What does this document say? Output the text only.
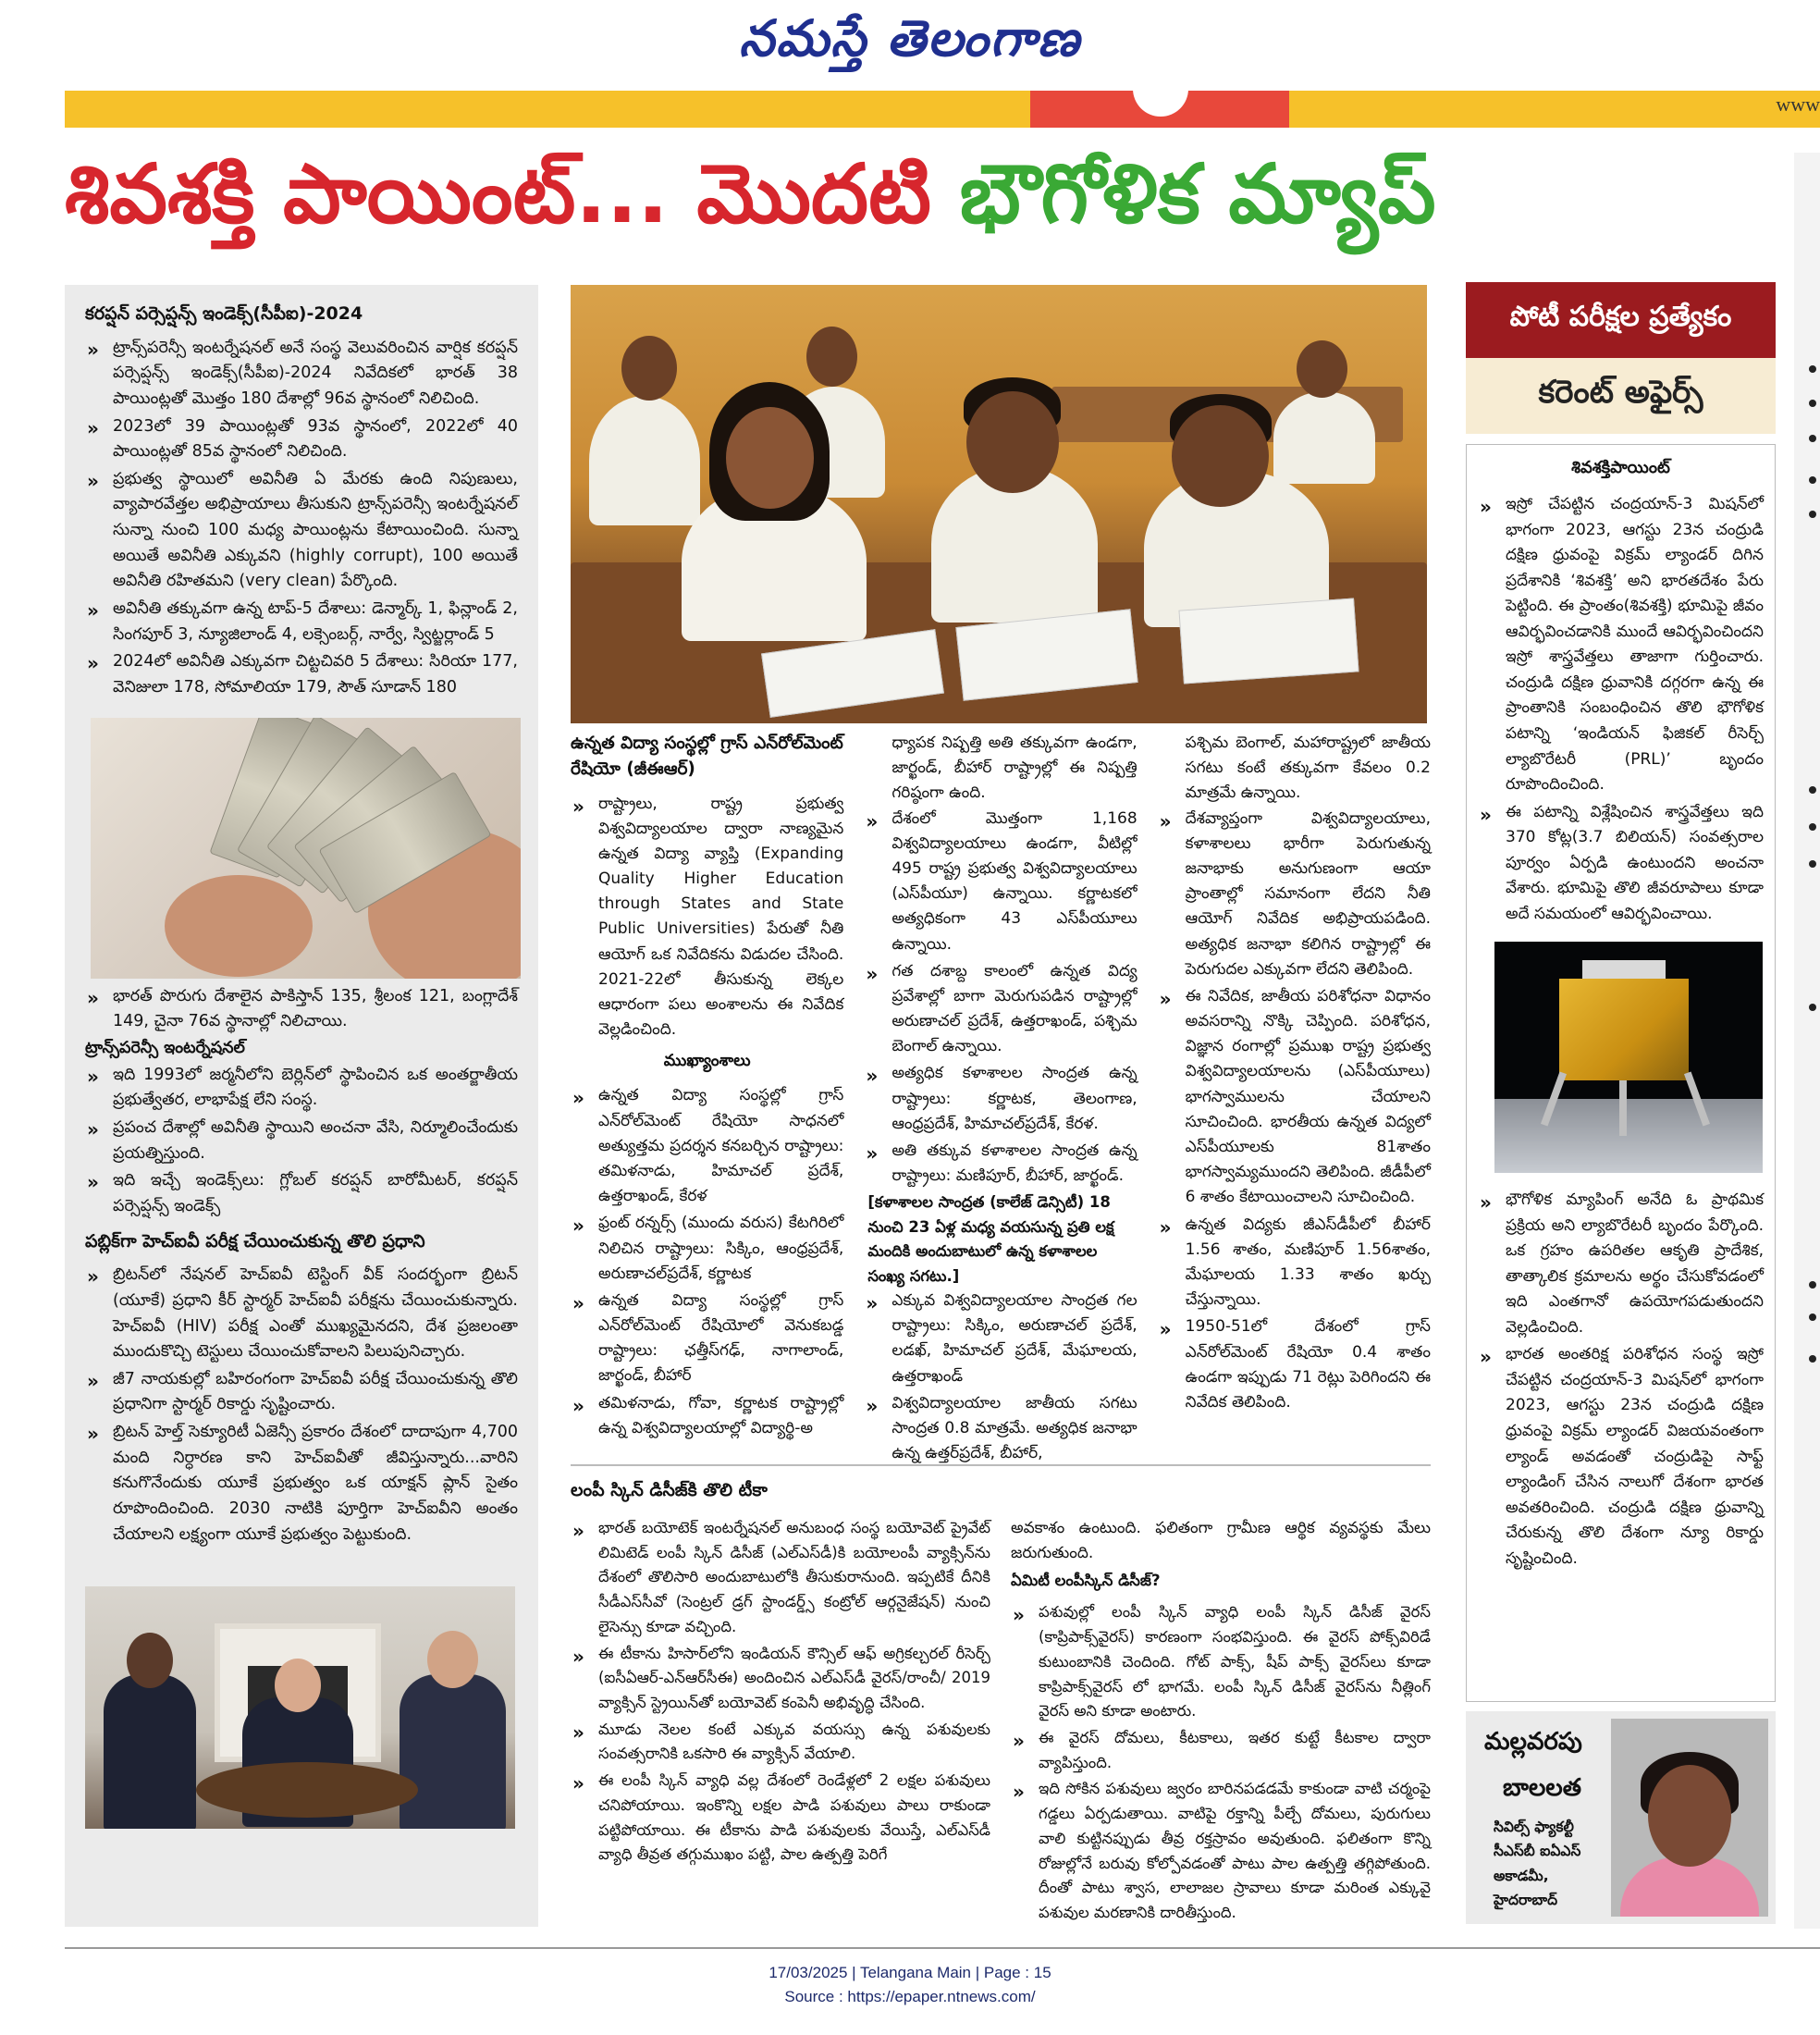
నమస్తే తెలంగాణ
www
శివశక్తి పాయింట్... మొదటి భౌగోళిక మ్యాప్
కరప్షన్ పర్సెప్షన్స్ ఇండెక్స్(సీపీఐ)-2024
» ట్రాన్స్‌పరెన్సీ ఇంటర్నేషనల్ అనే సంస్థ వెలువరించిన వార్షిక కరప్షన్ పర్సెప్షన్స్ ఇండెక్స్(సీపీఐ)-2024 నివేదికలో భారత్ 38 పాయింట్లతో మొత్తం 180 దేశాల్లో 96వ స్థానంలో నిలిచింది.
» 2023లో 39 పాయింట్లతో 93వ స్థానంలో, 2022లో 40 పాయింట్లతో 85వ స్థానంలో నిలిచింది.
» ప్రభుత్వ స్థాయిలో అవినీతి ఏ మేరకు ఉంది నిపుణులు, వ్యాపారవేత్తల అభిప్రాయాలు తీసుకుని ట్రాన్స్‌పరెన్సీ ఇంటర్నేషనల్ సున్నా నుంచి 100 మధ్య పాయింట్లను కేటాయించింది. సున్నా అయితే అవినీతి ఎక్కువని (highly corrupt), 100 అయితే అవినీతి రహితమని (very clean) పేర్కొంది.
» అవినీతి తక్కువగా ఉన్న టాప్-5 దేశాలు: డెన్మార్క్ 1, ఫిన్లాండ్ 2, సింగపూర్ 3, న్యూజిలాండ్ 4, లక్సెంబర్గ్, నార్వే, స్విట్జర్లాండ్ 5
» 2024లో అవినీతి ఎక్కువగా చిట్టచివరి 5 దేశాలు: సిరియా 177, వెనిజులా 178, సోమాలియా 179, సౌత్ సూడాన్ 180
» భారత్ పొరుగు దేశాలైన పాకిస్తాన్ 135, శ్రీలంక 121, బంగ్లాదేశ్ 149, చైనా 76వ స్థానాల్లో నిలిచాయి.
ట్రాన్స్‌పరెన్సీ ఇంటర్నేషనల్
» ఇది 1993లో జర్మనీలోని బెర్లిన్‌లో స్థాపించిన ఒక అంతర్జాతీయ ప్రభుత్వేతర, లాభాపేక్ష లేని సంస్థ.
» ప్రపంచ దేశాల్లో అవినీతి స్థాయిని అంచనా వేసి, నిర్మూలించేందుకు ప్రయత్నిస్తుంది.
» ఇది ఇచ్చే ఇండెక్స్‌లు: గ్లోబల్ కరప్షన్ బారోమీటర్, కరప్షన్ పర్సెప్షన్స్ ఇండెక్స్
పబ్లిక్‌గా హెచ్‌ఐవీ పరీక్ష చేయించుకున్న తొలి ప్రధాని
» బ్రిటన్‌లో నేషనల్ హెచ్‌ఐవీ టెస్టింగ్ వీక్ సందర్భంగా బ్రిటన్ (యూకే) ప్రధాని కీర్ స్టార్మర్ హెచ్‌ఐవీ పరీక్షను చేయించుకున్నారు. హెచ్‌ఐవీ (HIV) పరీక్ష ఎంతో ముఖ్యమైనదని, దేశ ప్రజలంతా ముందుకొచ్చి టెస్టులు చేయించుకోవాలని పిలుపునిచ్చారు.
» జీ7 నాయకుల్లో బహిరంగంగా హెచ్‌ఐవీ పరీక్ష చేయించుకున్న తొలి ప్రధానిగా స్టార్మర్ రికార్డు సృష్టించారు.
» బ్రిటన్ హెల్త్ సెక్యూరిటీ ఏజెన్సీ ప్రకారం దేశంలో దాదాపుగా 4,700 మంది నిర్ధారణ కాని హెచ్‌ఐవీతో జీవిస్తున్నారు...వారిని కనుగొనేందుకు యూకే ప్రభుత్వం ఒక యాక్షన్ ప్లాన్ సైతం రూపొందించింది. 2030 నాటికి పూర్తిగా హెచ్‌ఐవీని అంతం చేయాలని లక్ష్యంగా యూకే ప్రభుత్వం పెట్టుకుంది.
ఉన్నత విద్యా సంస్థల్లో గ్రాస్ ఎన్‌రోల్‌మెంట్ రేషియో (జీఈఆర్)
» రాష్ట్రాలు, రాష్ట్ర ప్రభుత్వ విశ్వవిద్యాలయాల ద్వారా నాణ్యమైన ఉన్నత విద్యా వ్యాప్తి (Expanding Quality Higher Education through States and State Public Universities) పేరుతో నీతి ఆయోగ్ ఒక నివేదికను విడుదల చేసింది. 2021-22లో తీసుకున్న లెక్కల ఆధారంగా పలు అంశాలను ఈ నివేదిక వెల్లడించింది.
ముఖ్యాంశాలు
» ఉన్నత విద్యా సంస్థల్లో గ్రాస్ ఎన్‌రోల్‌మెంట్ రేషియో సాధనలో అత్యుత్తమ ప్రదర్శన కనబర్చిన రాష్ట్రాలు: తమిళనాడు, హిమాచల్ ప్రదేశ్, ఉత్తరాఖండ్, కేరళ
» ఫ్రంట్ రన్నర్స్ (ముందు వరుస) కేటగిరిలో నిలిచిన రాష్ట్రాలు: సిక్కిం, ఆంధ్రప్రదేశ్, అరుణాచల్‌ప్రదేశ్, కర్ణాటక
» ఉన్నత విద్యా సంస్థల్లో గ్రాస్ ఎన్‌రోల్‌మెంట్ రేషియోలో వెనుకబడ్డ రాష్ట్రాలు: ఛత్తీస్‌గఢ్, నాగాలాండ్, జార్ఖండ్, బీహార్
» తమిళనాడు, గోవా, కర్ణాటక రాష్ట్రాల్లో ఉన్న విశ్వవిద్యాలయాల్లో విద్యార్థి-అ
ధ్యాపక నిష్పత్తి అతి తక్కువగా ఉండగా, జార్ఖండ్, బీహార్ రాష్ట్రాల్లో ఈ నిష్పత్తి గరిష్ఠంగా ఉంది.
» దేశంలో మొత్తంగా 1,168 విశ్వవిద్యాలయాలు ఉండగా, వీటిల్లో 495 రాష్ట్ర ప్రభుత్వ విశ్వవిద్యాలయాలు (ఎస్‌పీయూ) ఉన్నాయి. కర్ణాటకలో అత్యధికంగా 43 ఎస్‌పీయూలు ఉన్నాయి.
» గత దశాబ్ద కాలంలో ఉన్నత విద్య ప్రవేశాల్లో బాగా మెరుగుపడిన రాష్ట్రాల్లో అరుణాచల్ ప్రదేశ్, ఉత్తరాఖండ్, పశ్చిమ బెంగాల్ ఉన్నాయి.
» అత్యధిక కళాశాలల సాంద్రత ఉన్న రాష్ట్రాలు: కర్ణాటక, తెలంగాణ, ఆంధ్రప్రదేశ్, హిమాచల్‌ప్రదేశ్, కేరళ.
» అతి తక్కువ కళాశాలల సాంద్రత ఉన్న రాష్ట్రాలు: మణిపూర్, బీహార్, జార్ఖండ్.
[కళాశాలల సాంద్రత (కాలేజ్ డెన్సిటీ) 18 నుంచి 23 ఏళ్ల మధ్య వయసున్న ప్రతి లక్ష మందికి అందుబాటులో ఉన్న కళాశాలల సంఖ్య సగటు.]
» ఎక్కువ విశ్వవిద్యాలయాల సాంద్రత గల రాష్ట్రాలు: సిక్కిం, అరుణాచల్ ప్రదేశ్, లడఖ్, హిమాచల్ ప్రదేశ్, మేఘాలయ, ఉత్తరాఖండ్
» విశ్వవిద్యాలయాల జాతీయ సగటు సాంద్రత 0.8 మాత్రమే. అత్యధిక జనాభా ఉన్న ఉత్తర్‌ప్రదేశ్, బీహార్,
పశ్చిమ బెంగాల్, మహారాష్ట్రలో జాతీయ సగటు కంటే తక్కువగా కేవలం 0.2 మాత్రమే ఉన్నాయి.
» దేశవ్యాప్తంగా విశ్వవిద్యాలయాలు, కళాశాలలు భారీగా పెరుగుతున్న జనాభాకు అనుగుణంగా ఆయా ప్రాంతాల్లో సమానంగా లేదని నీతి ఆయోగ్ నివేదిక అభిప్రాయపడింది. అత్యధిక జనాభా కలిగిన రాష్ట్రాల్లో ఈ పెరుగుదల ఎక్కువగా లేదని తెలిపింది.
» ఈ నివేదిక, జాతీయ పరిశోధనా విధానం అవసరాన్ని నొక్కి చెప్పింది. పరిశోధన, విజ్ఞాన రంగాల్లో ప్రముఖ రాష్ట్ర ప్రభుత్వ విశ్వవిద్యాలయాలను (ఎస్‌పీయూలు) భాగస్వాములను చేయాలని సూచించింది. భారతీయ ఉన్నత విద్యలో ఎస్‌పీయూలకు 81శాతం భాగస్వామ్యముందని తెలిపింది. జీడీపీలో 6 శాతం కేటాయించాలని సూచించింది.
» ఉన్నత విద్యకు జీఎస్‌డీపీలో బీహార్ 1.56 శాతం, మణిపూర్ 1.56శాతం, మేఘాలయ 1.33 శాతం ఖర్చు చేస్తున్నాయి.
» 1950-51లో దేశంలో గ్రాస్ ఎన్‌రోల్‌మెంట్ రేషియో 0.4 శాతం ఉండగా ఇప్పుడు 71 రెట్లు పెరిగిందని ఈ నివేదిక తెలిపింది.
లంపీ స్కిన్ డిసీజ్‌కి తొలి టీకా
» భారత్ బయోటెక్ ఇంటర్నేషనల్ అనుబంధ సంస్థ బయోవెట్ ప్రైవేట్ లిమిటెడ్ లంపీ స్కిన్ డిసీజ్ (ఎల్ఎస్‌డీ)కి బయోలంపీ వ్యాక్సిన్‌ను దేశంలో తొలిసారి అందుబాటులోకి తీసుకురానుంది. ఇప్పటికే దీనికి సీడీఎస్‌సీవో (సెంట్రల్ డ్రగ్ స్టాండర్డ్స్ కంట్రోల్ ఆర్గనైజేషన్) నుంచి లైసెన్సు కూడా వచ్చింది.
» ఈ టీకాను హిసార్‌లోని ఇండియన్ కౌన్సిల్ ఆఫ్ అగ్రికల్చరల్ రీసెర్చ్ (ఐసీఏఆర్-ఎన్ఆర్‌సీఈ) అందించిన ఎల్ఎస్‌డీ వైరస్/రాంచీ/ 2019 వ్యాక్సిన్ స్ట్రెయిన్‌తో బయోవెట్ కంపెనీ అభివృద్ధి చేసింది.
» మూడు నెలల కంటే ఎక్కువ వయస్సు ఉన్న పశువులకు సంవత్సరానికి ఒకసారి ఈ వ్యాక్సిన్ వేయాలి.
» ఈ లంపీ స్కిన్ వ్యాధి వల్ల దేశంలో రెండేళ్లలో 2 లక్షల పశువులు చనిపోయాయి. ఇంకొన్ని లక్షల పాడి పశువులు పాలు రాకుండా పట్టిపోయాయి. ఈ టీకాను పాడి పశువులకు వేయిస్తే, ఎల్ఎస్‌డీ వ్యాధి తీవ్రత తగ్గుముఖం పట్టి, పాల ఉత్పత్తి పెరిగే
అవకాశం ఉంటుంది. ఫలితంగా గ్రామీణ ఆర్థిక వ్యవస్థకు మేలు జరుగుతుంది.
ఏమిటీ లంపీస్కిన్ డిసీజ్?
» పశువుల్లో లంపీ స్కిన్ వ్యాధి లంపీ స్కిన్ డిసీజ్ వైరస్ (కాప్రిపాక్స్‌వైరస్) కారణంగా సంభవిస్తుంది. ఈ వైరస్ పోక్స్‌విరిడే కుటుంబానికి చెందింది. గోట్ పాక్స్, షీప్ పాక్స్ వైరస్‌లు కూడా కాప్రిపాక్స్‌వైరస్ లో భాగమే. లంపీ స్కిన్ డిసీజ్ వైరస్‌ను నీత్లింగ్ వైరస్ అని కూడా అంటారు.
» ఈ వైరస్ దోమలు, కీటకాలు, ఇతర కుట్టే కీటకాల ద్వారా వ్యాపిస్తుంది.
» ఇది సోకిన పశువులు జ్వరం బారినపడడమే కాకుండా వాటి చర్మంపై గడ్డలు ఏర్పడుతాయి. వాటిపై రక్తాన్ని పీల్చే దోమలు, పురుగులు వాలి కుట్టినప్పుడు తీవ్ర రక్తస్రావం అవుతుంది. ఫలితంగా కొన్ని రోజుల్లోనే బరువు కోల్పోవడంతో పాటు పాల ఉత్పత్తి తగ్గిపోతుంది. దీంతో పాటు శ్వాస, లాలాజల స్రావాలు కూడా మరింత ఎక్కువై పశువుల మరణానికి దారితీస్తుంది.
పోటీ పరీక్షల ప్రత్యేకం
కరెంట్ అఫైర్స్
శివశక్తిపాయింట్
» ఇస్రో చేపట్టిన చంద్రయాన్-3 మిషన్‌లో భాగంగా 2023, ఆగస్టు 23న చంద్రుడి దక్షిణ ధ్రువంపై విక్రమ్ ల్యాండర్ దిగిన ప్రదేశానికి ‘శివశక్తి’ అని భారతదేశం పేరు పెట్టింది. ఈ ప్రాంతం(శివశక్తి) భూమిపై జీవం ఆవిర్భవించడానికి ముందే ఆవిర్భవించిందని ఇస్రో శాస్త్రవేత్తలు తాజాగా గుర్తించారు. చంద్రుడి దక్షిణ ధ్రువానికి దగ్గరగా ఉన్న ఈ ప్రాంతానికి సంబంధించిన తొలి భౌగోళిక పటాన్ని ‘ఇండియన్ ఫిజికల్ రీసెర్చ్ ల్యాబొరేటరీ (PRL)’ బృందం రూపొందించింది.
» ఈ పటాన్ని విశ్లేషించిన శాస్త్రవేత్తలు ఇది 370 కోట్ల(3.7 బిలియన్) సంవత్సరాల పూర్వం ఏర్పడి ఉంటుందని అంచనా వేశారు. భూమిపై తొలి జీవరూపాలు కూడా అదే సమయంలో ఆవిర్భవించాయి.
» భౌగోళిక మ్యాపింగ్ అనేది ఓ ప్రాథమిక ప్రక్రియ అని ల్యాబొరేటరీ బృందం పేర్కొంది. ఒక గ్రహం ఉపరితల ఆకృతి ప్రాదేశిక, తాత్కాలిక క్రమాలను అర్థం చేసుకోవడంలో ఇది ఎంతగానో ఉపయోగపడుతుందని వెల్లడించింది.
» భారత అంతరిక్ష పరిశోధన సంస్థ ఇస్రో చేపట్టిన చంద్రయాన్-3 మిషన్‌లో భాగంగా 2023, ఆగస్టు 23న చంద్రుడి దక్షిణ ధ్రువంపై విక్రమ్ ల్యాండర్ విజయవంతంగా ల్యాండ్ అవడంతో చంద్రుడిపై సాఫ్ట్ ల్యాండింగ్ చేసిన నాలుగో దేశంగా భారత అవతరించింది. చంద్రుడి దక్షిణ ధ్రువాన్ని చేరుకున్న తొలి దేశంగా న్యూ రికార్డు సృష్టించింది.
మల్లవరపు
బాలలత
సివిల్స్ ఫ్యాకల్టీ
సీఎస్‌బీ ఐఏఎస్
అకాడమీ,
హైదరాబాద్
17/03/2025 | Telangana Main | Page : 15
Source : https://epaper.ntnews.com/
